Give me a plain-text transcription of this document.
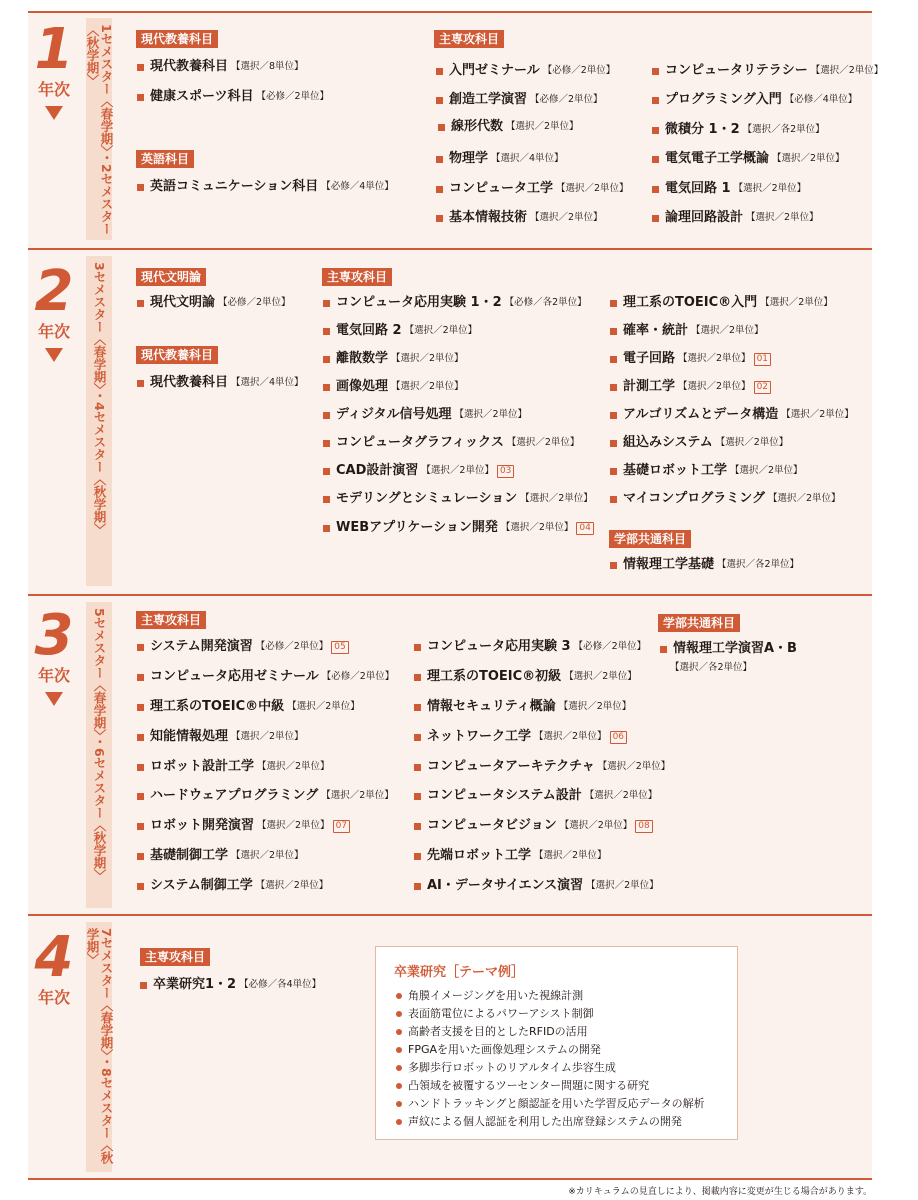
1
年次
2
年次
3
年次
4
年次
1セメスター〈春学期〉・2セメスター〈秋学期〉
3セメスター〈春学期〉・4セメスター〈秋学期〉
5セメスター〈春学期〉・6セメスター〈秋学期〉
7セメスター〈春学期〉・8セメスター〈秋学期〉
現代教養科目
現代教養科目 【選択／8単位】
健康スポーツ科目 【必修／2単位】
英語科目
英語コミュニケーション科目 【必修／4単位】
主専攻科目
入門ゼミナール 【必修／2単位】
創造工学演習 【必修／2単位】
線形代数 【選択／2単位】
物理学 【選択／4単位】
コンピュータ工学 【選択／2単位】
基本情報技術 【選択／2単位】
コンピュータリテラシー 【選択／2単位】
プログラミング入門 【必修／4単位】
微積分 1・2 【選択／各2単位】
電気電子工学概論 【選択／2単位】
電気回路 1 【選択／2単位】
論理回路設計 【選択／2単位】
現代文明論
現代文明論 【必修／2単位】
現代教養科目
現代教養科目 【選択／4単位】
主専攻科目
コンピュータ応用実験 1・2 【必修／各2単位】
電気回路 2 【選択／2単位】
離散数学 【選択／2単位】
画像処理 【選択／2単位】
ディジタル信号処理 【選択／2単位】
コンピュータグラフィックス 【選択／2単位】
CAD設計演習 【選択／2単位】 03
モデリングとシミュレーション 【選択／2単位】
WEBアプリケーション開発 【選択／2単位】 04
理工系のTOEIC®入門 【選択／2単位】
確率・統計 【選択／2単位】
電子回路 【選択／2単位】 01
計測工学 【選択／2単位】 02
アルゴリズムとデータ構造 【選択／2単位】
組込みシステム 【選択／2単位】
基礎ロボット工学 【選択／2単位】
マイコンプログラミング 【選択／2単位】
学部共通科目
情報理工学基礎 【選択／各2単位】
主専攻科目
システム開発演習 【必修／2単位】 05
コンピュータ応用ゼミナール 【必修／2単位】
理工系のTOEIC®中級 【選択／2単位】
知能情報処理 【選択／2単位】
ロボット設計工学 【選択／2単位】
ハードウェアプログラミング 【選択／2単位】
ロボット開発演習 【選択／2単位】 07
基礎制御工学 【選択／2単位】
システム制御工学 【選択／2単位】
コンピュータ応用実験 3 【必修／2単位】
理工系のTOEIC®初級 【選択／2単位】
情報セキュリティ概論 【選択／2単位】
ネットワーク工学 【選択／2単位】 06
コンピュータアーキテクチャ 【選択／2単位】
コンピュータシステム設計 【選択／2単位】
コンピュータビジョン 【選択／2単位】 08
先端ロボット工学 【選択／2単位】
AI・データサイエンス演習 【選択／2単位】
学部共通科目
情報理工学演習A・B
【選択／各2単位】
主専攻科目
卒業研究1・2 【必修／各4単位】
卒業研究［テーマ例］
角膜イメージングを用いた視線計測
表面筋電位によるパワーアシスト制御
高齢者支援を目的としたRFIDの活用
FPGAを用いた画像処理システムの開発
多脚歩行ロボットのリアルタイム歩容生成
凸領域を被覆するツーセンター問題に関する研究
ハンドトラッキングと顔認証を用いた学習反応データの解析
声紋による個人認証を利用した出席登録システムの開発
※カリキュラムの見直しにより、掲載内容に変更が生じる場合があります。
